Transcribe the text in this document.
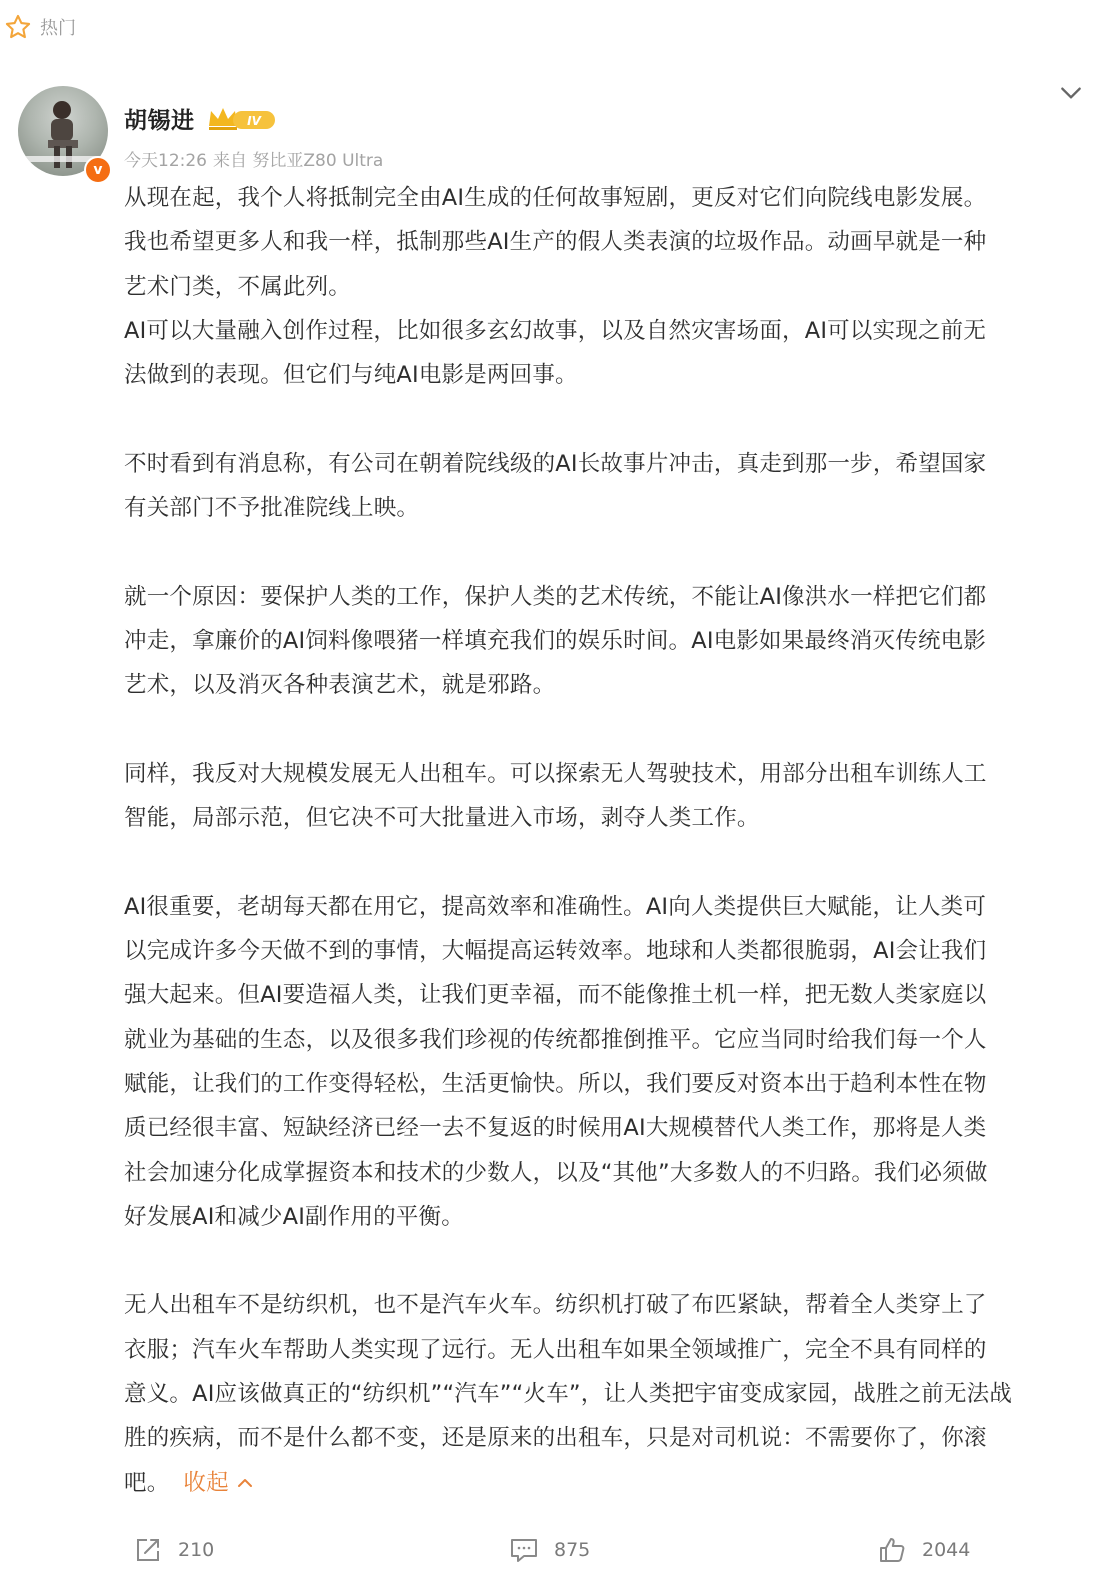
热门
v
胡锡进	IV
今天12:26 来自 努比亚Z80 Ultra

从现在起，我个人将抵制完全由AI生成的任何故事短剧，更反对它们向院线电影发展。

我也希望更多人和我一样，抵制那些AI生产的假人类表演的垃圾作品。动画早就是一种

艺术门类，不属此列。

AI可以大量融入创作过程，比如很多玄幻故事，以及自然灾害场面，AI可以实现之前无

法做到的表现。但它们与纯AI电影是两回事。

不时看到有消息称，有公司在朝着院线级的AI长故事片冲击，真走到那一步，希望国家

有关部门不予批准院线上映。

就一个原因：要保护人类的工作，保护人类的艺术传统，不能让AI像洪水一样把它们都

冲走，拿廉价的AI饲料像喂猪一样填充我们的娱乐时间。AI电影如果最终消灭传统电影

艺术，以及消灭各种表演艺术，就是邪路。

同样，我反对大规模发展无人出租车。可以探索无人驾驶技术，用部分出租车训练人工

智能，局部示范，但它决不可大批量进入市场，剥夺人类工作。

AI很重要，老胡每天都在用它，提高效率和准确性。AI向人类提供巨大赋能，让人类可

以完成许多今天做不到的事情，大幅提高运转效率。地球和人类都很脆弱，AI会让我们

强大起来。但AI要造福人类，让我们更幸福，而不能像推土机一样，把无数人类家庭以

就业为基础的生态，以及很多我们珍视的传统都推倒推平。它应当同时给我们每一个人

赋能，让我们的工作变得轻松，生活更愉快。所以，我们要反对资本出于趋利本性在物

质已经很丰富、短缺经济已经一去不复返的时候用AI大规模替代人类工作，那将是人类

社会加速分化成掌握资本和技术的少数人，以及“其他”大多数人的不归路。我们必须做

好发展AI和减少AI副作用的平衡。

无人出租车不是纺织机，也不是汽车火车。纺织机打破了布匹紧缺，帮着全人类穿上了

衣服；汽车火车帮助人类实现了远行。无人出租车如果全领域推广，完全不具有同样的

意义。AI应该做真正的“纺织机”“汽车”“火车”，让人类把宇宙变成家园，战胜之前无法战

胜的疾病，而不是什么都不变，还是原来的出租车，只是对司机说：不需要你了，你滚

吧。 收起

210	875	2044
